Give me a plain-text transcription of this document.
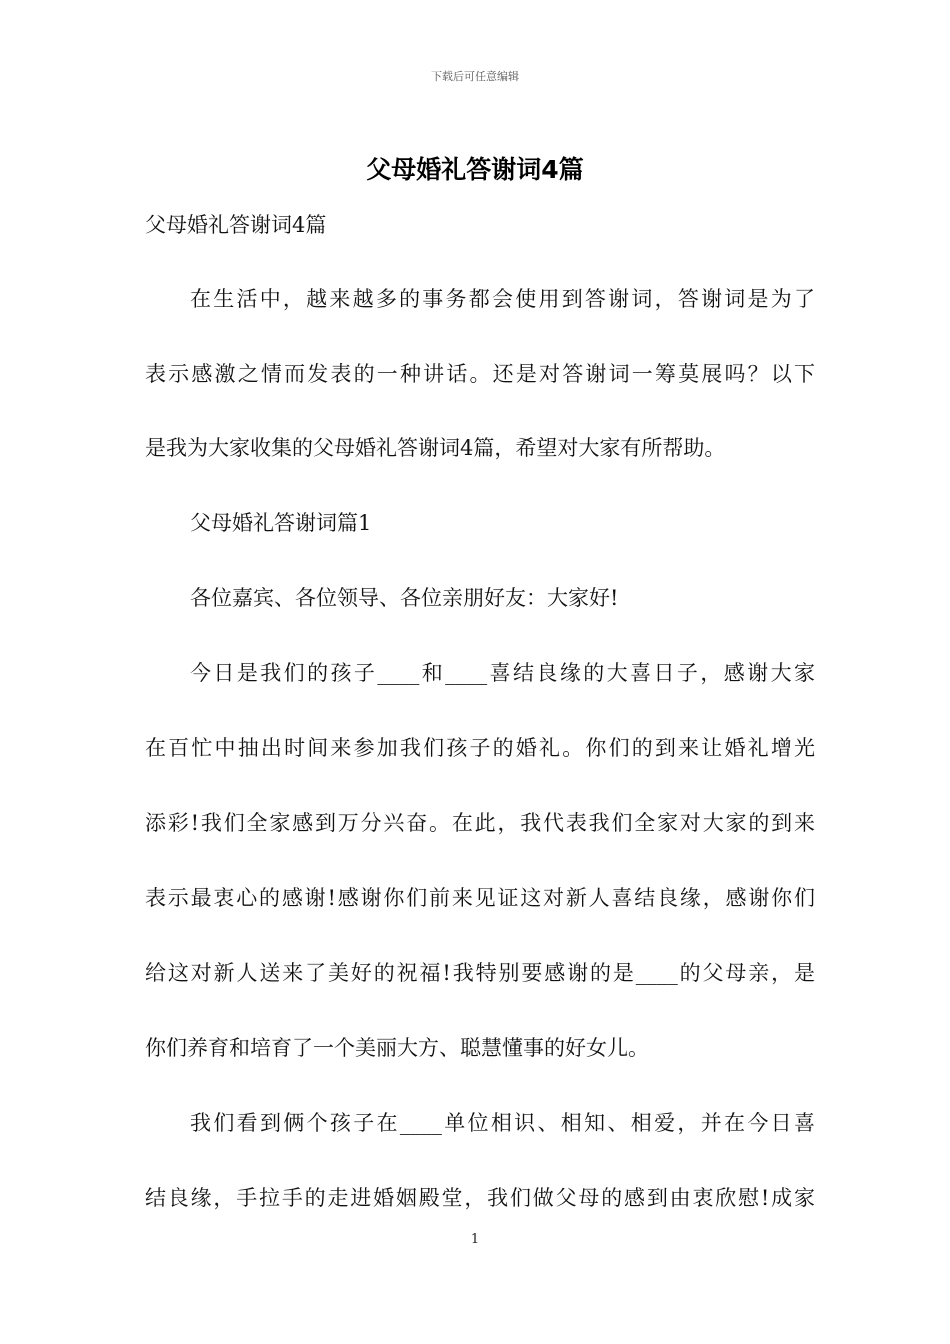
下载后可任意编辑
父母婚礼答谢词4篇
父母婚礼答谢词4篇
在生活中，越来越多的事务都会使用到答谢词，答谢词是为了
表示感激之情而发表的一种讲话。还是对答谢词一筹莫展吗？以下
是我为大家收集的父母婚礼答谢词4篇，希望对大家有所帮助。
父母婚礼答谢词篇1
各位嘉宾、各位领导、各位亲朋好友：大家好!
今日是我们的孩子____和____喜结良缘的大喜日子，感谢大家
在百忙中抽出时间来参加我们孩子的婚礼。你们的到来让婚礼增光
添彩!我们全家感到万分兴奋。在此，我代表我们全家对大家的到来
表示最衷心的感谢!感谢你们前来见证这对新人喜结良缘，感谢你们
给这对新人送来了美好的祝福!我特别要感谢的是____的父母亲，是
你们养育和培育了一个美丽大方、聪慧懂事的好女儿。
我们看到俩个孩子在____单位相识、相知、相爱，并在今日喜
结良缘，手拉手的走进婚姻殿堂，我们做父母的感到由衷欣慰!成家
1
